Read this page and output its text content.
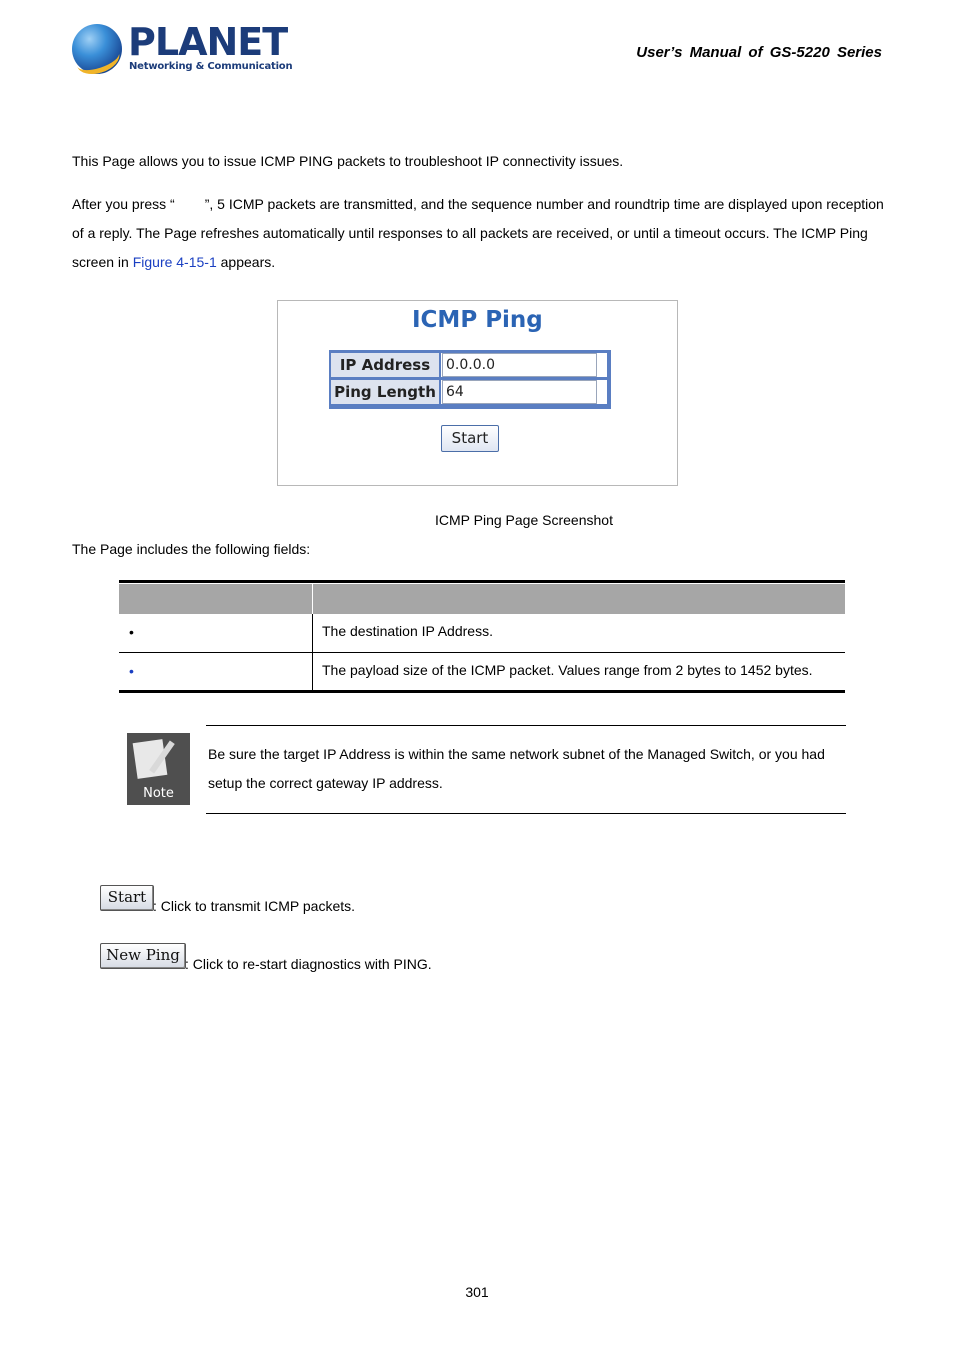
PLANET
Networking & Communication
User’s Manual of GS-5220 Series
This Page allows you to issue ICMP PING packets to troubleshoot IP connectivity issues.
After you press “ ”, 5 ICMP packets are transmitted, and the sequence number and roundtrip time are displayed upon reception of a reply. The Page refreshes automatically until responses to all packets are received, or until a timeout occurs. The ICMP Ping screen in Figure 4-15-1 appears.
ICMP Ping
IP Address	0.0.0.0
Ping Length 64
Start
ICMP Ping Page Screenshot
The Page includes the following fields:
•	The destination IP Address.
•	The payload size of the ICMP packet. Values range from 2 bytes to 1452 bytes.
Note
Be sure the target IP Address is within the same network subnet of the Managed Switch, or you had setup the correct gateway IP address.
Start : Click to transmit ICMP packets.
New Ping : Click to re-start diagnostics with PING.
301
